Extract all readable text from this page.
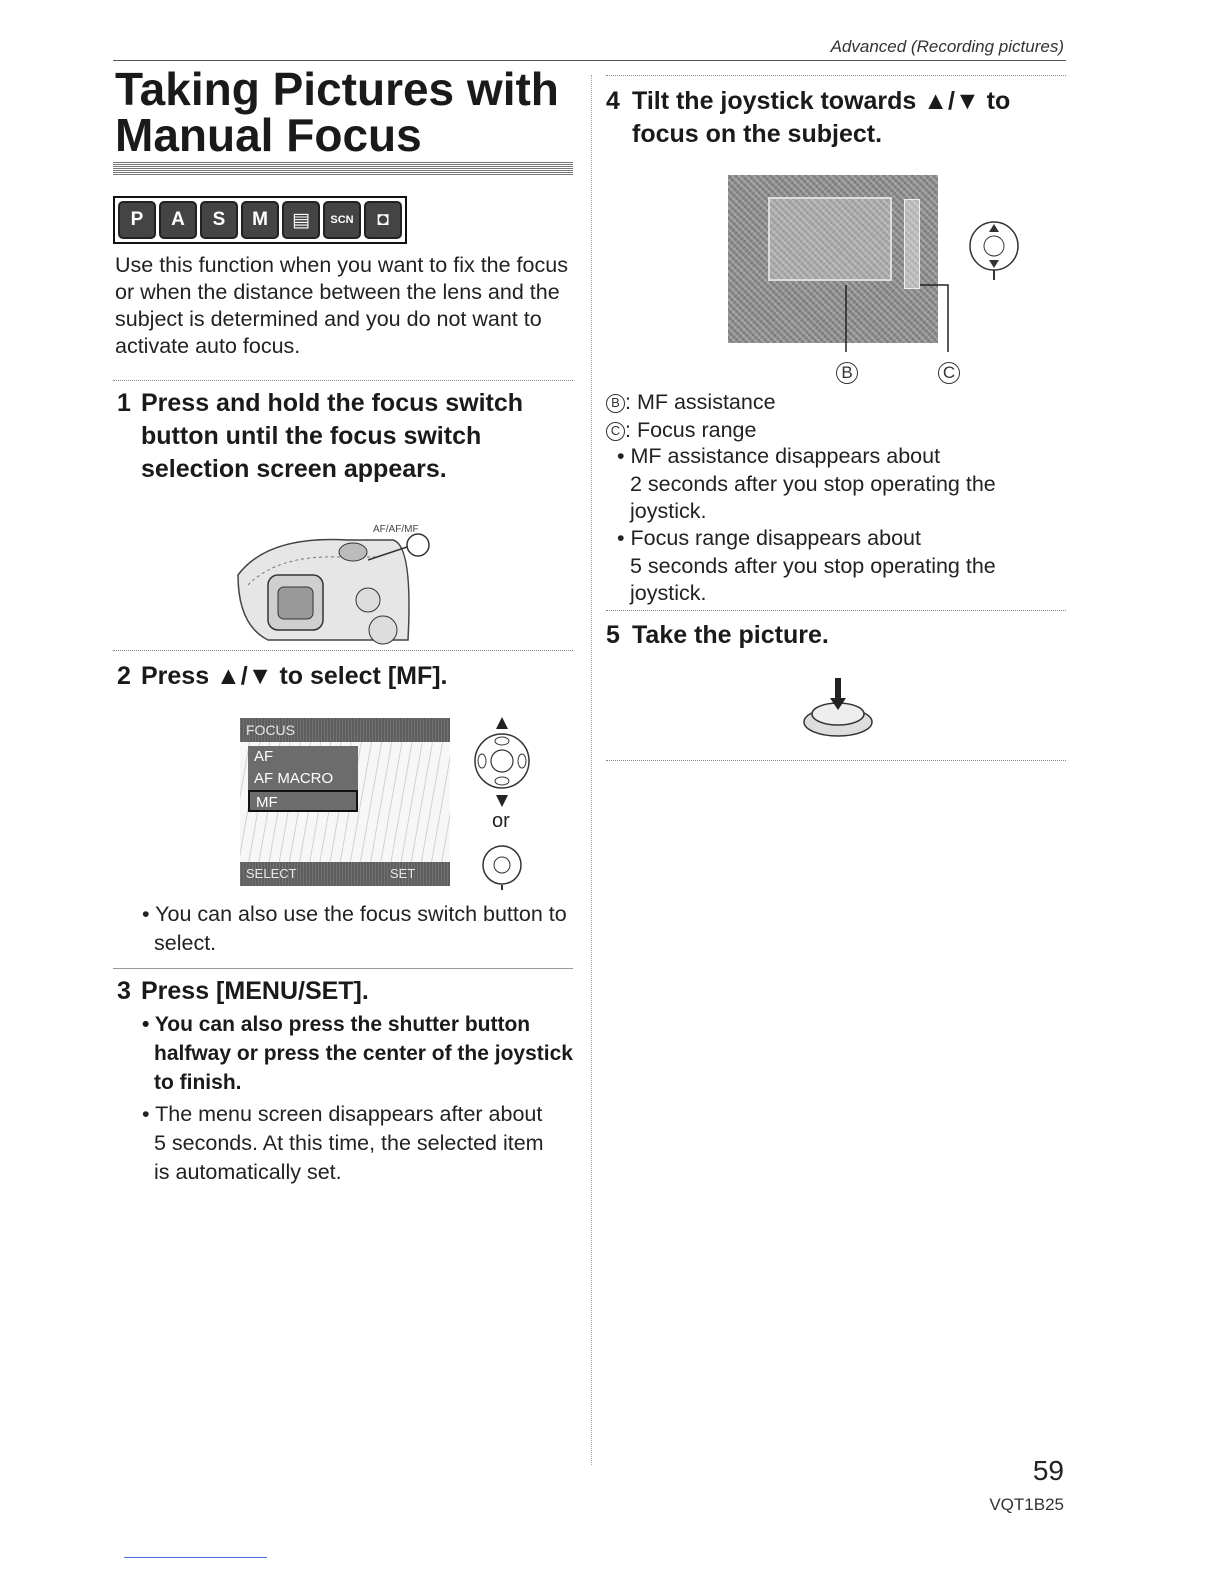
Advanced (Recording pictures)
Taking Pictures with
Manual Focus
P	A	S	M	▤	SCN	◘

Use this function when you want to fix the focus or when the distance between the lens and the subject is determined and you do not want to activate auto focus.

1 Press and hold the focus switch button until the focus switch selection screen appears.

AF/AF/MF

2 Press ▲/▼ to select [MF].

FOCUS
AF
AF MACRO
MF
SELECT	SET
or
• You can also use the focus switch button to select.

3 Press [MENU/SET].

• You can also press the shutter button halfway or press the center of the joystick to finish.
• The menu screen disappears after about 5 seconds. At this time, the selected item is automatically set.

4 Tilt the joystick towards ▲/▼ to focus on the subject.

B	C
B : MF assistance
C : Focus range
• MF assistance disappears about
2 seconds after you stop operating the joystick.
• Focus range disappears about
5 seconds after you stop operating the joystick.

5 Take the picture.

59
VQT1B25
